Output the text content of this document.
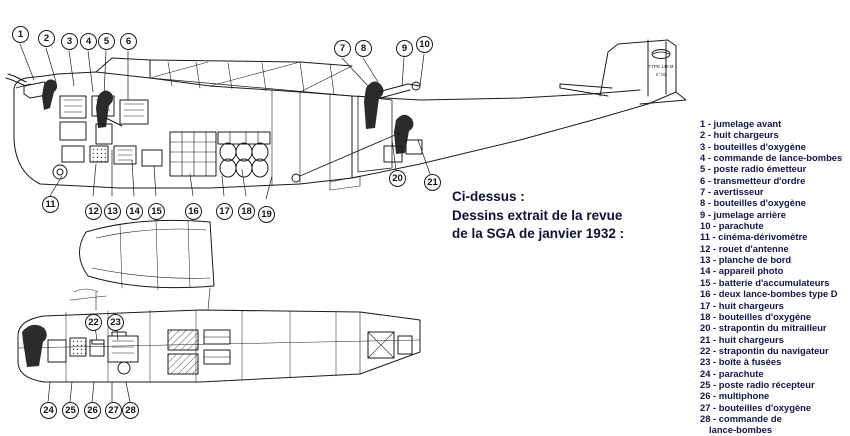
TYPE 140 M
n° 01
1	2	3	4	5	6
7	8	9	10
11
12 13	14	15	16	17	18 19
20	21
22	23
24	25	26	27 28
Ci-dessus :
Dessins extrait de la revue
de la SGA de janvier 1932 :
1 - jumelage avant
2 - huit chargeurs
3 - bouteilles d'oxygène
4 - commande de lance-bombes
5 - poste radio émetteur
6 - transmetteur d'ordre
7 - avertisseur
8 - bouteilles d'oxygène
9 - jumelage arrière
10 - parachute
11 - cinéma-dérivomètre
12 - rouet d'antenne
13 - planche de bord
14 - appareil photo
15 - batterie d'accumulateurs
16 - deux lance-bombes type D
17 - huit chargeurs
18 - bouteilles d'oxygène
20 - strapontin du mitrailleur
21 - huit chargeurs
22 - strapontin du navigateur
23 - boîte à fusées
24 - parachute
25 - poste radio récepteur
26 - multiphone
27 - bouteilles d'oxygène
28 - commande de
lance-bombes
